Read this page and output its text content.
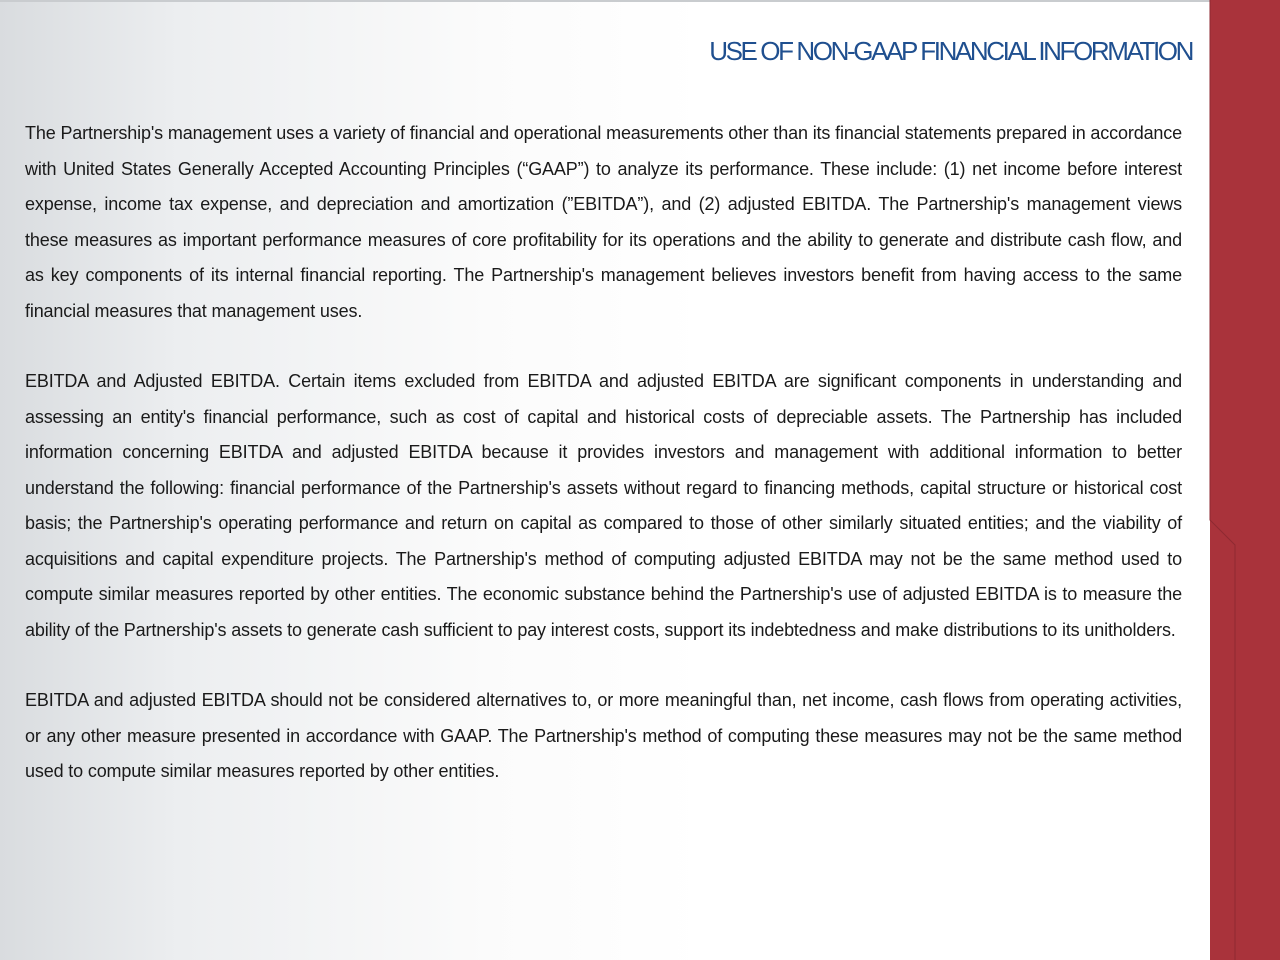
USE OF NON-GAAP FINANCIAL INFORMATION

The Partnership's management uses a variety of financial and operational measurements other than its financial statements prepared in accordance with United States Generally Accepted Accounting Principles (“GAAP”) to analyze its performance. These include: (1) net income before interest expense, income tax expense, and depreciation and amortization (”EBITDA”), and (2) adjusted EBITDA. The Partnership's management views these measures as important performance measures of core profitability for its operations and the ability to generate and distribute cash flow, and as key components of its internal financial reporting. The Partnership's management believes investors benefit from having access to the same financial measures that management uses.

EBITDA and Adjusted EBITDA. Certain items excluded from EBITDA and adjusted EBITDA are significant components in understanding and assessing an entity's financial performance, such as cost of capital and historical costs of depreciable assets. The Partnership has included information concerning EBITDA and adjusted EBITDA because it provides investors and management with additional information to better understand the following: financial performance of the Partnership's assets without regard to financing methods, capital structure or historical cost basis; the Partnership's operating performance and return on capital as compared to those of other similarly situated entities; and the viability of acquisitions and capital expenditure projects. The Partnership's method of computing adjusted EBITDA may not be the same method used to compute similar measures reported by other entities. The economic substance behind the Partnership's use of adjusted EBITDA is to measure the ability of the Partnership's assets to generate cash sufficient to pay interest costs, support its indebtedness and make distributions to its unitholders.

EBITDA and adjusted EBITDA should not be considered alternatives to, or more meaningful than, net income, cash flows from operating activities, or any other measure presented in accordance with GAAP. The Partnership's method of computing these measures may not be the same method used to compute similar measures reported by other entities.
